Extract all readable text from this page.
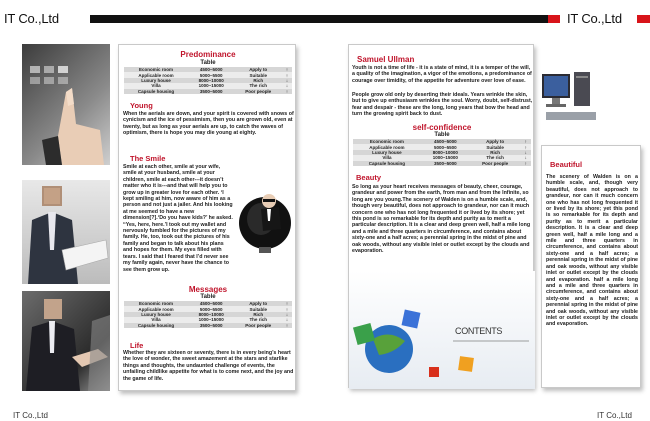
IT Co.,Ltd	IT Co.,Ltd
Predominance
Table
Economic room	4500~5000	Apply to	↑
Applicable room	5000~5500	Suitable	↑
Luxury house	8000~10000	Rich	↓
Villa	1000~15000	The rich	↓
Capsule housing	3500~5000	Poor people	↑
Young
When the aerials are down, and your spirit is covered with snows of cynicism and the ice of pessimism, then you are grown old, even at twenty, but as long as your aerials are up, to catch the waves of optimism, there is hope you may die young at eighty.
The Smile
Smile at each other, smile at your wife, smile at your husband, smile at your children, smile at each other---it doesn’t matter who it is---and that will help you to grow up in greater love for each other. ‘I kept smiling at him, now aware of him as a person and not just a jailer. And his looking at me seemed to have a new dimension[?].‘Do you have kids?’ he asked. ‘‘Yes, here, here.’I took out my wallet and nervously fumbled for the pictures of my family. He, too, took out the pictures of his family and began to talk about his plans and hopes for them. My eyes filled with tears. I said that I feared that I’d never see my family again, never have the chance to see them grow up.
Messages
Table
Economic room	4500~5000	Apply to	↑
Applicable room	5000~5500	Suitable	↑
Luxury house	8000~10000	Rich	↓
Villa	1000~15000	The rich	↓
Capsule housing	3500~5000	Poor people	↑
Life
Whether they are sixteen or seventy, there is in every being’s heart the love of wonder, the sweet amazement at the stars and starlike things and thoughts, the undaunted challenge of events, the unfailing childlike appetite for what is to come next, and the joy and the game of life.
Samuel Ullman
Youth is not a time of life - it is a state of mind, it is a temper of the will, a quality of the imagination, a vigor of the emotions, a predominance of courage over timidity, of the appetite for adventure over love of ease.
People grow old only by deserting their ideals. Years wrinkle the skin, but to give up enthusiasm wrinkles the soul. Worry, doubt, self-distrust, fear and despair - these are the long, long years that bow the head and turn the growing spirit back to dust.
self-confidence
Table
Economic room	4500~5000	Apply to	↑
Applicable room	5000~5500	Suitable	↑
Luxury house	8000~10000	Rich	↓
Villa	1000~15000	The rich	↓
Capsule housing	3500~5000	Poor people	↑
Beauty
So long as your heart receives messages of beauty, cheer, courage, grandeur and power from the earth, from man and from the Infinite, so long are you young.The scenery of Walden is on a humble scale, and, though very beautiful, does not approach to grandeur, nor can it much concern one who has not long frequented it or lived by its shore; yet this pond is so remarkable for its depth and purity as to merit a particular description. It is a clear and deep green well, half a mile long and a mile and three quarters in circumference, and contains about sixty-one and a half acres; a perennial spring in the midst of pine and oak woods, without any visible inlet or outlet except by the clouds and evaporation.
CONTENTS
Beautiful
The scenery of Walden is on a humble scale, and, though very beautiful, does not approach to grandeur, nor can it much concern one who has not long frequented it or lived by its shore; yet this pond is so remarkable for its depth and purity as to merit a particular description. It is a clear and deep green well, half a mile long and a mile and three quarters in circumference, and contains about sixty-one and a half acres; a perennial spring in the midst of pine and oak woods, without any visible inlet or outlet except by the clouds and evaporation. half a mile long and a mile and three quarters in circumference, and contains about sixty-one and a half acres; a perennial spring in the midst of pine and oak woods, without any visible inlet or outlet except by the clouds and evaporation.
IT Co.,Ltd	IT Co.,Ltd
